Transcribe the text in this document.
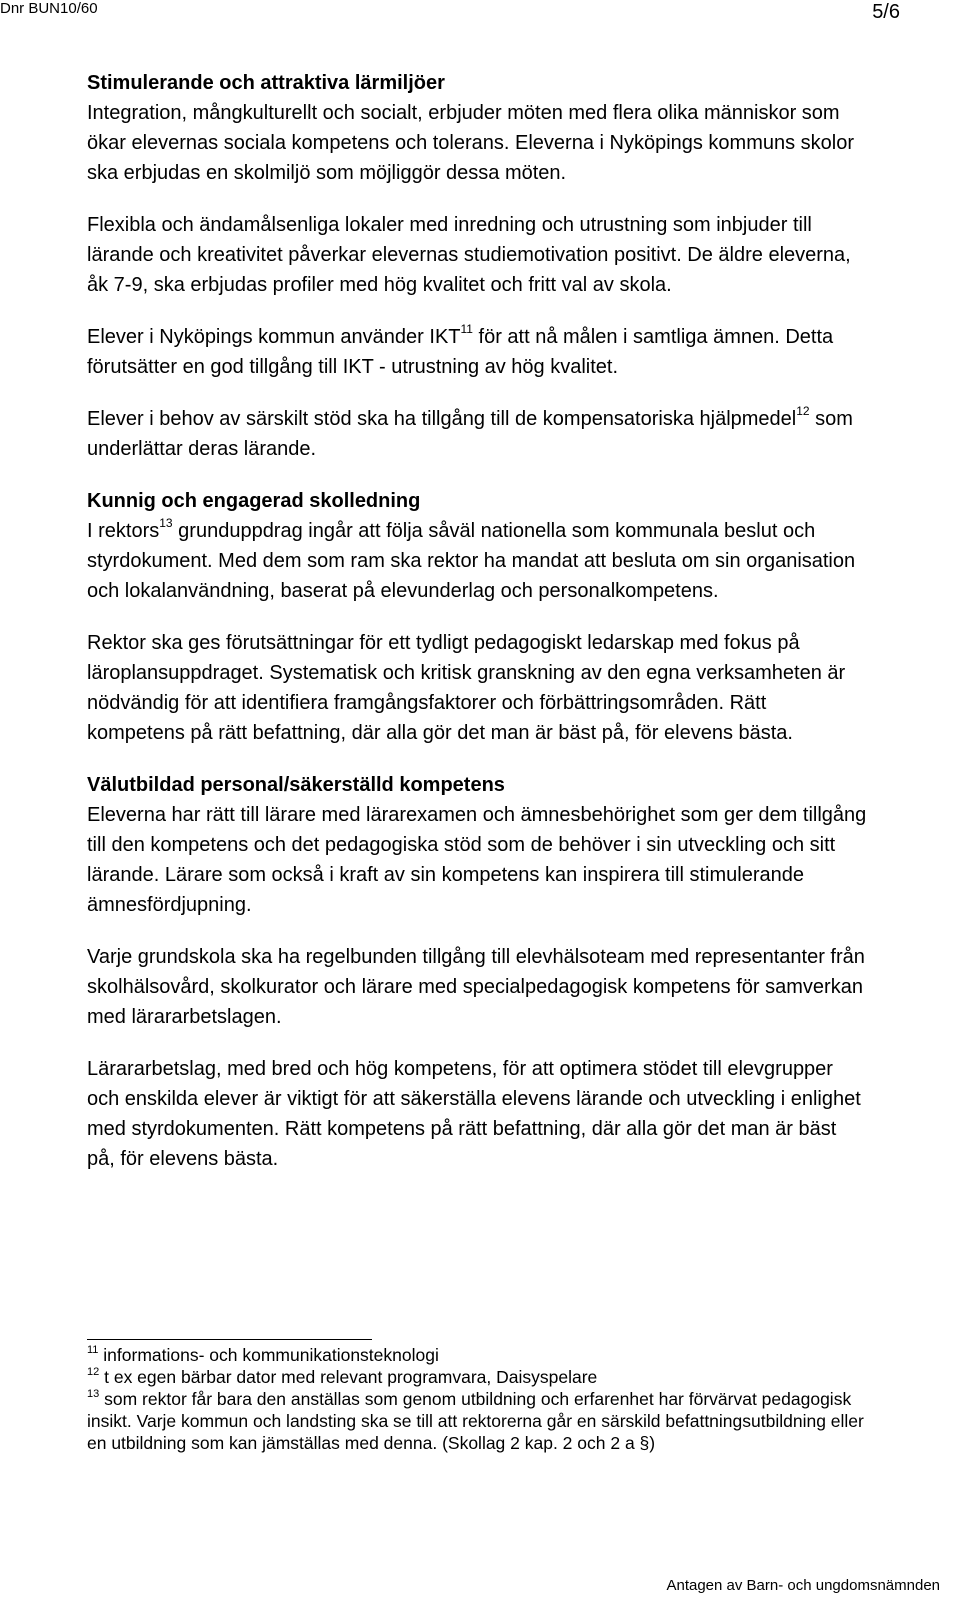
Dnr BUN10/60	5/6
Stimulerande och attraktiva lärmiljöer

Integration, mångkulturellt och socialt, erbjuder möten med flera olika människor som ökar elevernas sociala kompetens och tolerans. Eleverna i Nyköpings kommuns skolor ska erbjudas en skolmiljö som möjliggör dessa möten.

Flexibla och ändamålsenliga lokaler med inredning och utrustning som inbjuder till lärande och kreativitet påverkar elevernas studiemotivation positivt. De äldre eleverna, åk 7-9, ska erbjudas profiler med hög kvalitet och fritt val av skola.

Elever i Nyköpings kommun använder IKT$^{11}$ för att nå målen i samtliga ämnen. Detta förutsätter en god tillgång till IKT - utrustning av hög kvalitet.

Elever i behov av särskilt stöd ska ha tillgång till de kompensatoriska hjälpmedel$^{12}$ som underlättar deras lärande.

Kunnig och engagerad skolledning

I rektors$^{13}$ grunduppdrag ingår att följa såväl nationella som kommunala beslut och styrdokument. Med dem som ram ska rektor ha mandat att besluta om sin organisation och lokalanvändning, baserat på elevunderlag och personalkompetens.

Rektor ska ges förutsättningar för ett tydligt pedagogiskt ledarskap med fokus på läroplansuppdraget. Systematisk och kritisk granskning av den egna verksamheten är nödvändig för att identifiera framgångsfaktorer och förbättringsområden. Rätt kompetens på rätt befattning, där alla gör det man är bäst på, för elevens bästa.

Välutbildad personal/säkerställd kompetens

Eleverna har rätt till lärare med lärarexamen och ämnesbehörighet som ger dem tillgång till den kompetens och det pedagogiska stöd som de behöver i sin utveckling och sitt lärande. Lärare som också i kraft av sin kompetens kan inspirera till stimulerande ämnesfördjupning.

Varje grundskola ska ha regelbunden tillgång till elevhälsoteam med representanter från skolhälsovård, skolkurator och lärare med specialpedagogisk kompetens för samverkan med lärararbetslagen.

Lärararbetslag, med bred och hög kompetens, för att optimera stödet till elevgrupper och enskilda elever är viktigt för att säkerställa elevens lärande och utveckling i enlighet med styrdokumenten. Rätt kompetens på rätt befattning, där alla gör det man är bäst på, för elevens bästa.

$^{11}$ informations- och kommunikationsteknologi

$^{12}$ t ex egen bärbar dator med relevant programvara, Daisyspelare

$^{13}$ som rektor får bara den anställas som genom utbildning och erfarenhet har förvärvat pedagogisk insikt. Varje kommun och landsting ska se till att rektorerna går en särskild befattningsutbildning eller en utbildning som kan jämställas med denna. (Skollag 2 kap. 2 och 2 a §)

Antagen av Barn- och ungdomsnämnden
